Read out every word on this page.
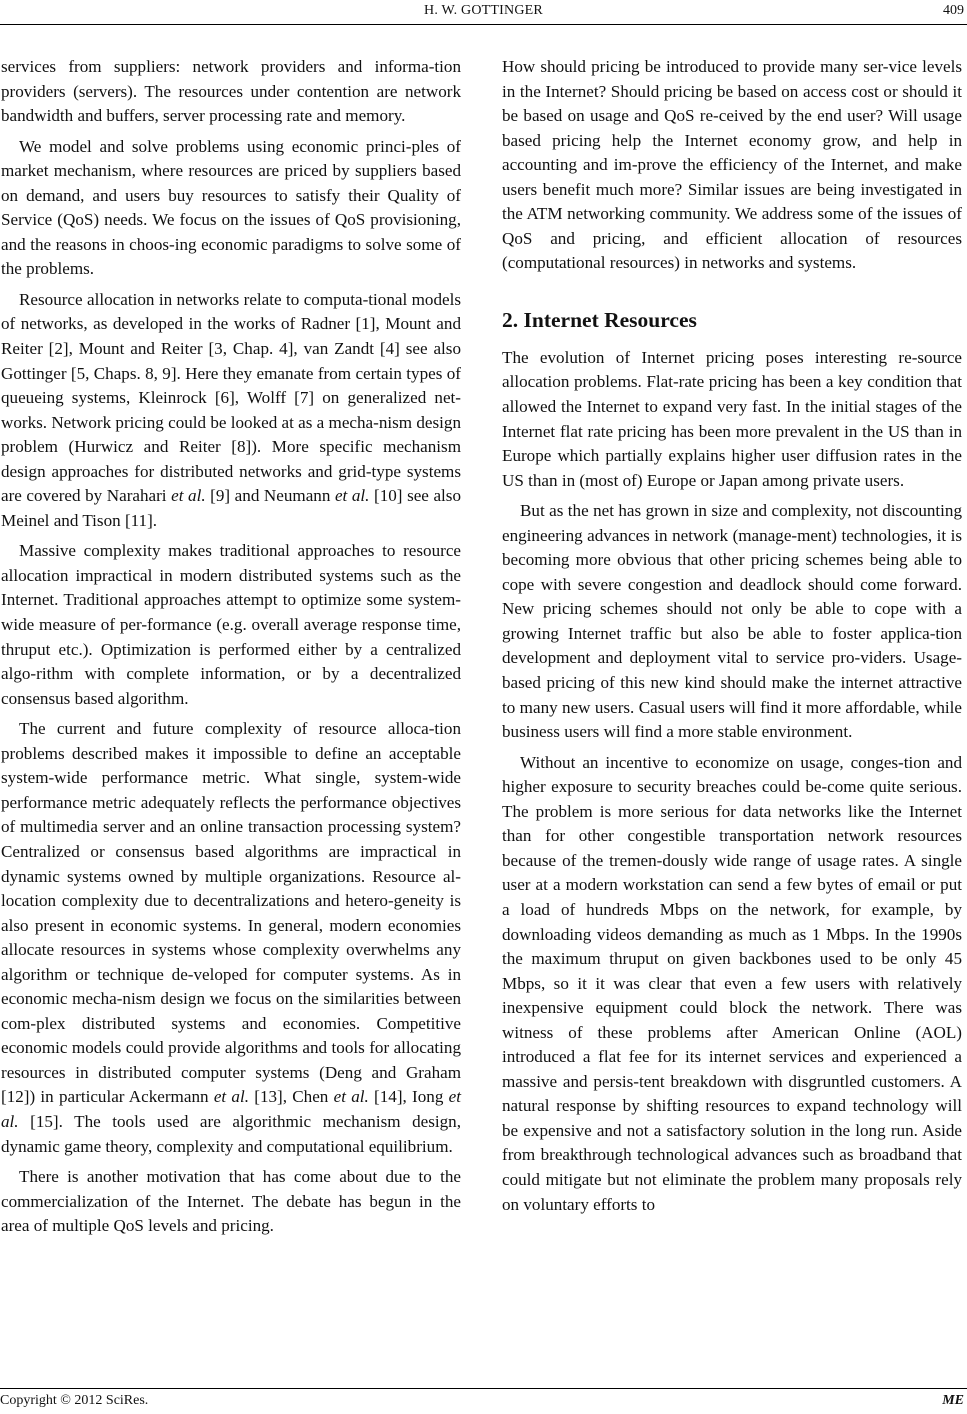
H. W. GOTTINGER	409

services from suppliers: network providers and informa-tion providers (servers). The resources under contention are network bandwidth and buffers, server processing rate and memory.

We model and solve problems using economic princi-ples of market mechanism, where resources are priced by suppliers based on demand, and users buy resources to satisfy their Quality of Service (QoS) needs. We focus on the issues of QoS provisioning, and the reasons in choos-ing economic paradigms to solve some of the problems.

Resource allocation in networks relate to computa-tional models of networks, as developed in the works of Radner [1], Mount and Reiter [2], Mount and Reiter [3, Chap. 4], van Zandt [4] see also Gottinger [5, Chaps. 8, 9]. Here they emanate from certain types of queueing systems, Kleinrock [6], Wolff [7] on generalized net-works. Network pricing could be looked at as a mecha-nism design problem (Hurwicz and Reiter [8]). More specific mechanism design approaches for distributed networks and grid-type systems are covered by Narahari et al. [9] and Neumann et al. [10] see also Meinel and Tison [11].

Massive complexity makes traditional approaches to resource allocation impractical in modern distributed systems such as the Internet. Traditional approaches attempt to optimize some system-wide measure of per-formance (e.g. overall average response time, thruput etc.). Optimization is performed either by a centralized algo-rithm with complete information, or by a decentralized consensus based algorithm.

The current and future complexity of resource alloca-tion problems described makes it impossible to define an acceptable system-wide performance metric. What single, system-wide performance metric adequately reflects the performance objectives of multimedia server and an online transaction processing system? Centralized or consensus based algorithms are impractical in dynamic systems owned by multiple organizations. Resource al-location complexity due to decentralizations and hetero-geneity is also present in economic systems. In general, modern economies allocate resources in systems whose complexity overwhelms any algorithm or technique de-veloped for computer systems. As in economic mecha-nism design we focus on the similarities between com-plex distributed systems and economies. Competitive economic models could provide algorithms and tools for allocating resources in distributed computer systems (Deng and Graham [12]) in particular Ackermann et al. [13], Chen et al. [14], Iong et al. [15]. The tools used are algorithmic mechanism design, dynamic game theory, complexity and computational equilibrium.

There is another motivation that has come about due to the commercialization of the Internet. The debate has begun in the area of multiple QoS levels and pricing.

How should pricing be introduced to provide many ser-vice levels in the Internet? Should pricing be based on access cost or should it be based on usage and QoS re-ceived by the end user? Will usage based pricing help the Internet economy grow, and help in accounting and im-prove the efficiency of the Internet, and make users benefit much more? Similar issues are being investigated in the ATM networking community. We address some of the issues of QoS and pricing, and efficient allocation of resources (computational resources) in networks and systems.

2. Internet Resources

The evolution of Internet pricing poses interesting re-source allocation problems. Flat-rate pricing has been a key condition that allowed the Internet to expand very fast. In the initial stages of the Internet flat rate pricing has been more prevalent in the US than in Europe which partially explains higher user diffusion rates in the US than in (most of) Europe or Japan among private users.

But as the net has grown in size and complexity, not discounting engineering advances in network (manage-ment) technologies, it is becoming more obvious that other pricing schemes being able to cope with severe congestion and deadlock should come forward. New pricing schemes should not only be able to cope with a growing Internet traffic but also be able to foster applica-tion development and deployment vital to service pro-viders. Usage-based pricing of this new kind should make the internet attractive to many new users. Casual users will find it more affordable, while business users will find a more stable environment.

Without an incentive to economize on usage, conges-tion and higher exposure to security breaches could be-come quite serious. The problem is more serious for data networks like the Internet than for other congestible transportation network resources because of the tremen-dously wide range of usage rates. A single user at a modern workstation can send a few bytes of email or put a load of hundreds Mbps on the network, for example, by downloading videos demanding as much as 1 Mbps. In the 1990s the maximum thruput on given backbones used to be only 45 Mbps, so it it was clear that even a few users with relatively inexpensive equipment could block the network. There was witness of these problems after American Online (AOL) introduced a flat fee for its internet services and experienced a massive and persis-tent breakdown with disgruntled customers. A natural response by shifting resources to expand technology will be expensive and not a satisfactory solution in the long run. Aside from breakthrough technological advances such as broadband that could mitigate but not eliminate the problem many proposals rely on voluntary efforts to

Copyright © 2012 SciRes.	ME
